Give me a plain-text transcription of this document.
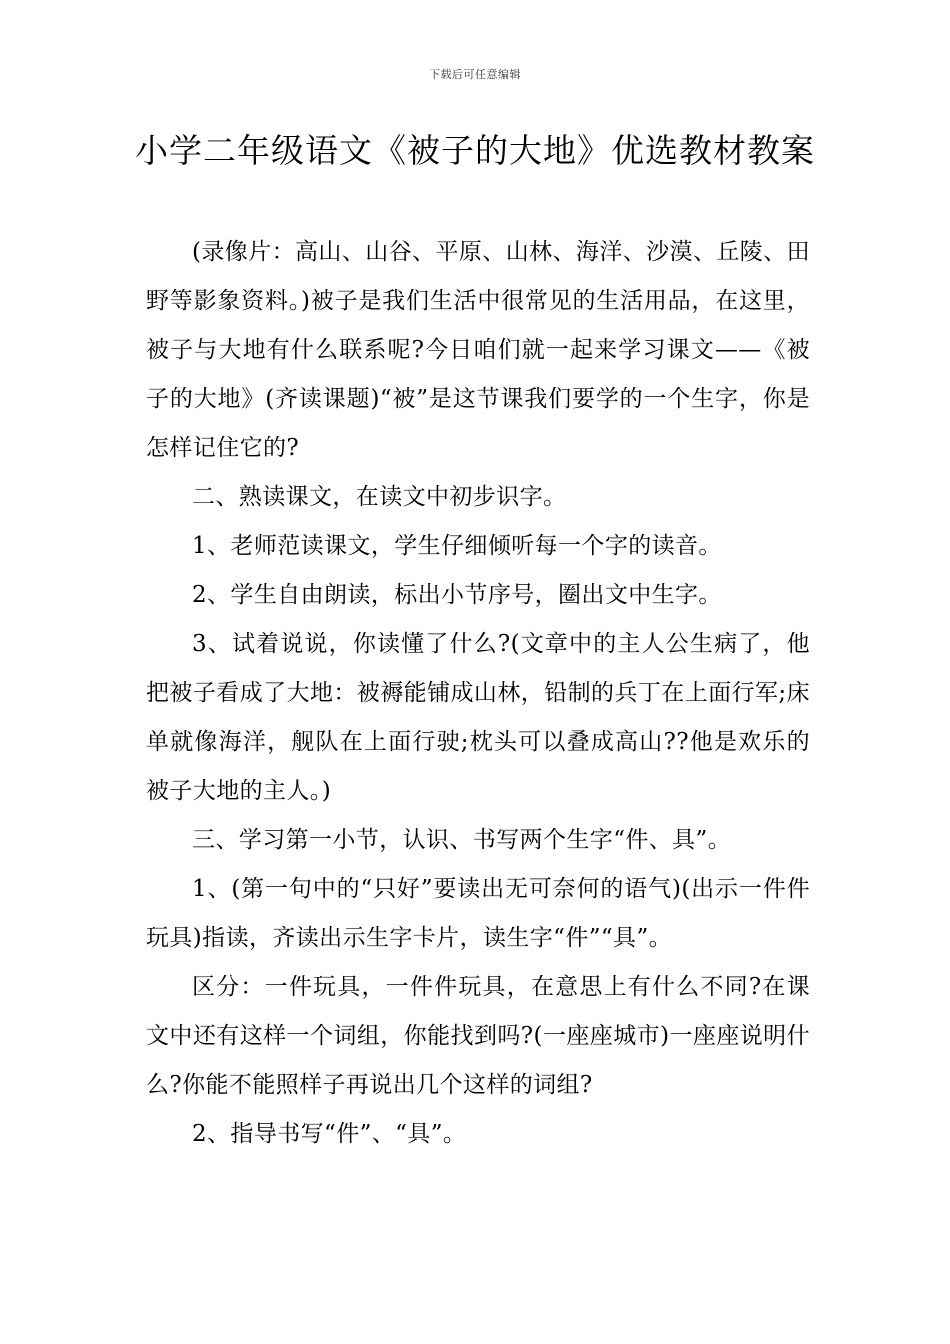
下载后可任意编辑
小学二年级语文《被子的大地》优选教材教案

(录像片：高山、山谷、平原、山林、海洋、沙漠、丘陵、田野等影象资料。)被子是我们生活中很常见的生活用品，在这里，被子与大地有什么联系呢?今日咱们就一起来学习课文——《被子的大地》(齐读课题)“被”是这节课我们要学的一个生字，你是怎样记住它的?

二、熟读课文，在读文中初步识字。

1、老师范读课文，学生仔细倾听每一个字的读音。

2、学生自由朗读，标出小节序号，圈出文中生字。

3、试着说说，你读懂了什么?(文章中的主人公生病了，他把被子看成了大地：被褥能铺成山林，铅制的兵丁在上面行军;床单就像海洋，舰队在上面行驶;枕头可以叠成高山??他是欢乐的被子大地的主人。)

三、学习第一小节，认识、书写两个生字“件、具”。

1、(第一句中的“只好”要读出无可奈何的语气)(出示一件件玩具)指读，齐读出示生字卡片，读生字“件”“具”。

区分：一件玩具，一件件玩具，在意思上有什么不同?在课文中还有这样一个词组，你能找到吗?(一座座城市)一座座说明什么?你能不能照样子再说出几个这样的词组?

2、指导书写“件”、“具”。
